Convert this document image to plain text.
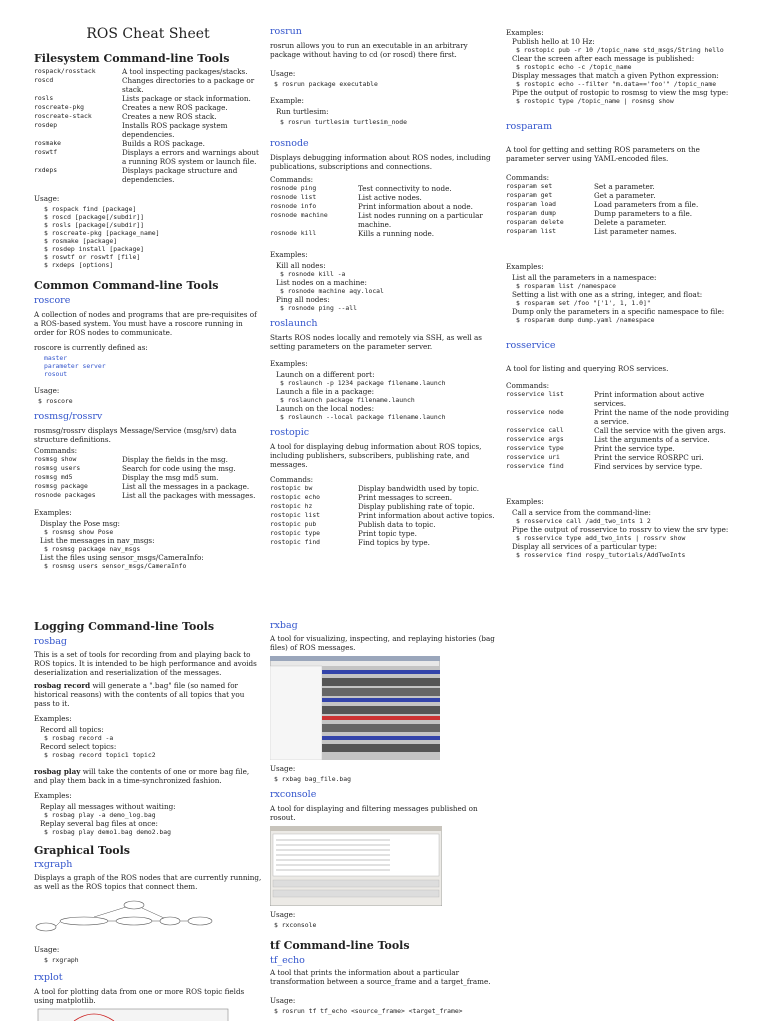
ROS Cheat Sheet
Filesystem Command-line Tools
rospack/rosstack	A tool inspecting packages/stacks.
roscd	Changes directories to a package or stack.
rosls	Lists package or stack information.
roscreate-pkg	Creates a new ROS package.
roscreate-stack	Creates a new ROS stack.
rosdep	Installs ROS package system dependencies.
rosmake	Builds a ROS package.
roswtf	Displays a errors and warnings about a running ROS system or launch file.
rxdeps	Displays package structure and dependencies.

Usage:

$ rospack find [package]
$ roscd [package[/subdir]]
$ rosls [package[/subdir]]
$ roscreate-pkg [package_name]
$ rosmake [package]
$ rosdep install [package]
$ roswtf or roswtf [file]
$ rxdeps [options]
Common Command-line Tools
roscore

A collection of nodes and programs that are pre-requisites of a ROS-based system. You must have a roscore running in order for ROS nodes to communicate.

roscore is currently defined as:

master
parameter server
rosout

Usage:

$ roscore
rosmsg/rossrv

rosmsg/rossrv displays Message/Service (msg/srv) data structure definitions.

Commands:

rosmsg show	Display the fields in the msg.
rosmsg users	Search for code using the msg.
rosmsg md5	Display the msg md5 sum.
rosmsg package	List all the messages in a package.
rosnode packages	List all the packages with messages.

Examples:

Display the Pose msg:
$ rosmsg show Pose
List the messages in nav_msgs:
$ rosmsg package nav_msgs
List the files using sensor_msgs/CameraInfo:
$ rosmsg users sensor_msgs/CameraInfo
Logging Command-line Tools
rosbag

This is a set of tools for recording from and playing back to ROS topics. It is intended to be high performance and avoids deserialization and reserialization of the messages.

rosbag record will generate a ".bag" file (so named for historical reasons) with the contents of all topics that you pass to it.

Examples:

Record all topics:
$ rosbag record -a
Record select topics:
$ rosbag record topic1 topic2

rosbag play will take the contents of one or more bag file, and play them back in a time-synchronized fashion.

Examples:

Replay all messages without waiting:
$ rosbag play -a demo_log.bag
Replay several bag files at once:
$ rosbag play demo1.bag demo2.bag
Graphical Tools
rxgraph

Displays a graph of the ROS nodes that are currently running, as well as the ROS topics that connect them.

Usage:

$ rxgraph
rxplot

A tool for plotting data from one or more ROS topic fields using matplotlib.

rosrun

rosrun allows you to run an executable in an arbitrary package without having to cd (or roscd) there first.

Usage:

$ rosrun package executable

Example:

Run turtlesim:

$ rosrun turtlesim turtlesim_node
rosnode

Displays debugging information about ROS nodes, including publications, subscriptions and connections.

Commands:

rosnode ping	Test connectivity to node.
rosnode list	List active nodes.
rosnode info	Print information about a node.
rosnode machine	List nodes running on a particular machine.
rosnode kill	Kills a running node.

Examples:

Kill all nodes:
$ rosnode kill -a
List nodes on a machine:
$ rosnode machine aqy.local
Ping all nodes:
$ rosnode ping --all
roslaunch

Starts ROS nodes locally and remotely via SSH, as well as setting parameters on the parameter server.

Examples:

Launch on a different port:
$ roslaunch -p 1234 package filename.launch
Launch a file in a package:
$ roslaunch package filename.launch
Launch on the local nodes:
$ roslaunch --local package filename.launch
rostopic

A tool for displaying debug information about ROS topics, including publishers, subscribers, publishing rate, and messages.

Commands:

rostopic bw	Display bandwidth used by topic.
rostopic echo	Print messages to screen.
rostopic hz	Display publishing rate of topic.
rostopic list	Print information about active topics.
rostopic pub	Publish data to topic.
rostopic type	Print topic type.
rostopic find	Find topics by type.
rxbag

A tool for visualizing, inspecting, and replaying histories (bag files) of ROS messages.

Usage:

$ rxbag bag_file.bag
rxconsole

A tool for displaying and filtering messages published on rosout.

Usage:

$ rxconsole
tf Command-line Tools
tf_echo

A tool that prints the information about a particular transformation between a source_frame and a target_frame.

Usage:

$ rosrun tf tf_echo <source_frame> <target_frame>

Examples:

Publish hello at 10 Hz:
$ rostopic pub -r 10 /topic_name std_msgs/String hello
Clear the screen after each message is published:
$ rostopic echo -c /topic_name
Display messages that match a given Python expression:
$ rostopic echo --filter "m.data=='foo'" /topic_name
Pipe the output of rostopic to rosmsg to view the msg type:
$ rostopic type /topic_name | rosmsg show
rosparam

A tool for getting and setting ROS parameters on the parameter server using YAML-encoded files.

Commands:

rosparam set	Set a parameter.
rosparam get	Get a parameter.
rosparam load	Load parameters from a file.
rosparam dump	Dump parameters to a file.
rosparam delete	Delete a parameter.
rosparam list	List parameter names.

Examples:

List all the parameters in a namespace:
$ rosparam list /namespace
Setting a list with one as a string, integer, and float:
$ rosparam set /foo "['1', 1, 1.0]"
Dump only the parameters in a specific namespace to file:
$ rosparam dump dump.yaml /namespace
rosservice

A tool for listing and querying ROS services.

Commands:

rosservice list	Print information about active services.
rosservice node	Print the name of the node providing a service.
rosservice call	Call the service with the given args.
rosservice args	List the arguments of a service.
rosservice type	Print the service type.
rosservice uri	Print the service ROSRPC uri.
rosservice find	Find services by service type.

Examples:

Call a service from the command-line:
$ rosservice call /add_two_ints 1 2
Pipe the output of rosservice to rossrv to view the srv type:
$ rosservice type add_two_ints | rossrv show
Display all services of a particular type:
$ rosservice find rospy_tutorials/AddTwoInts
